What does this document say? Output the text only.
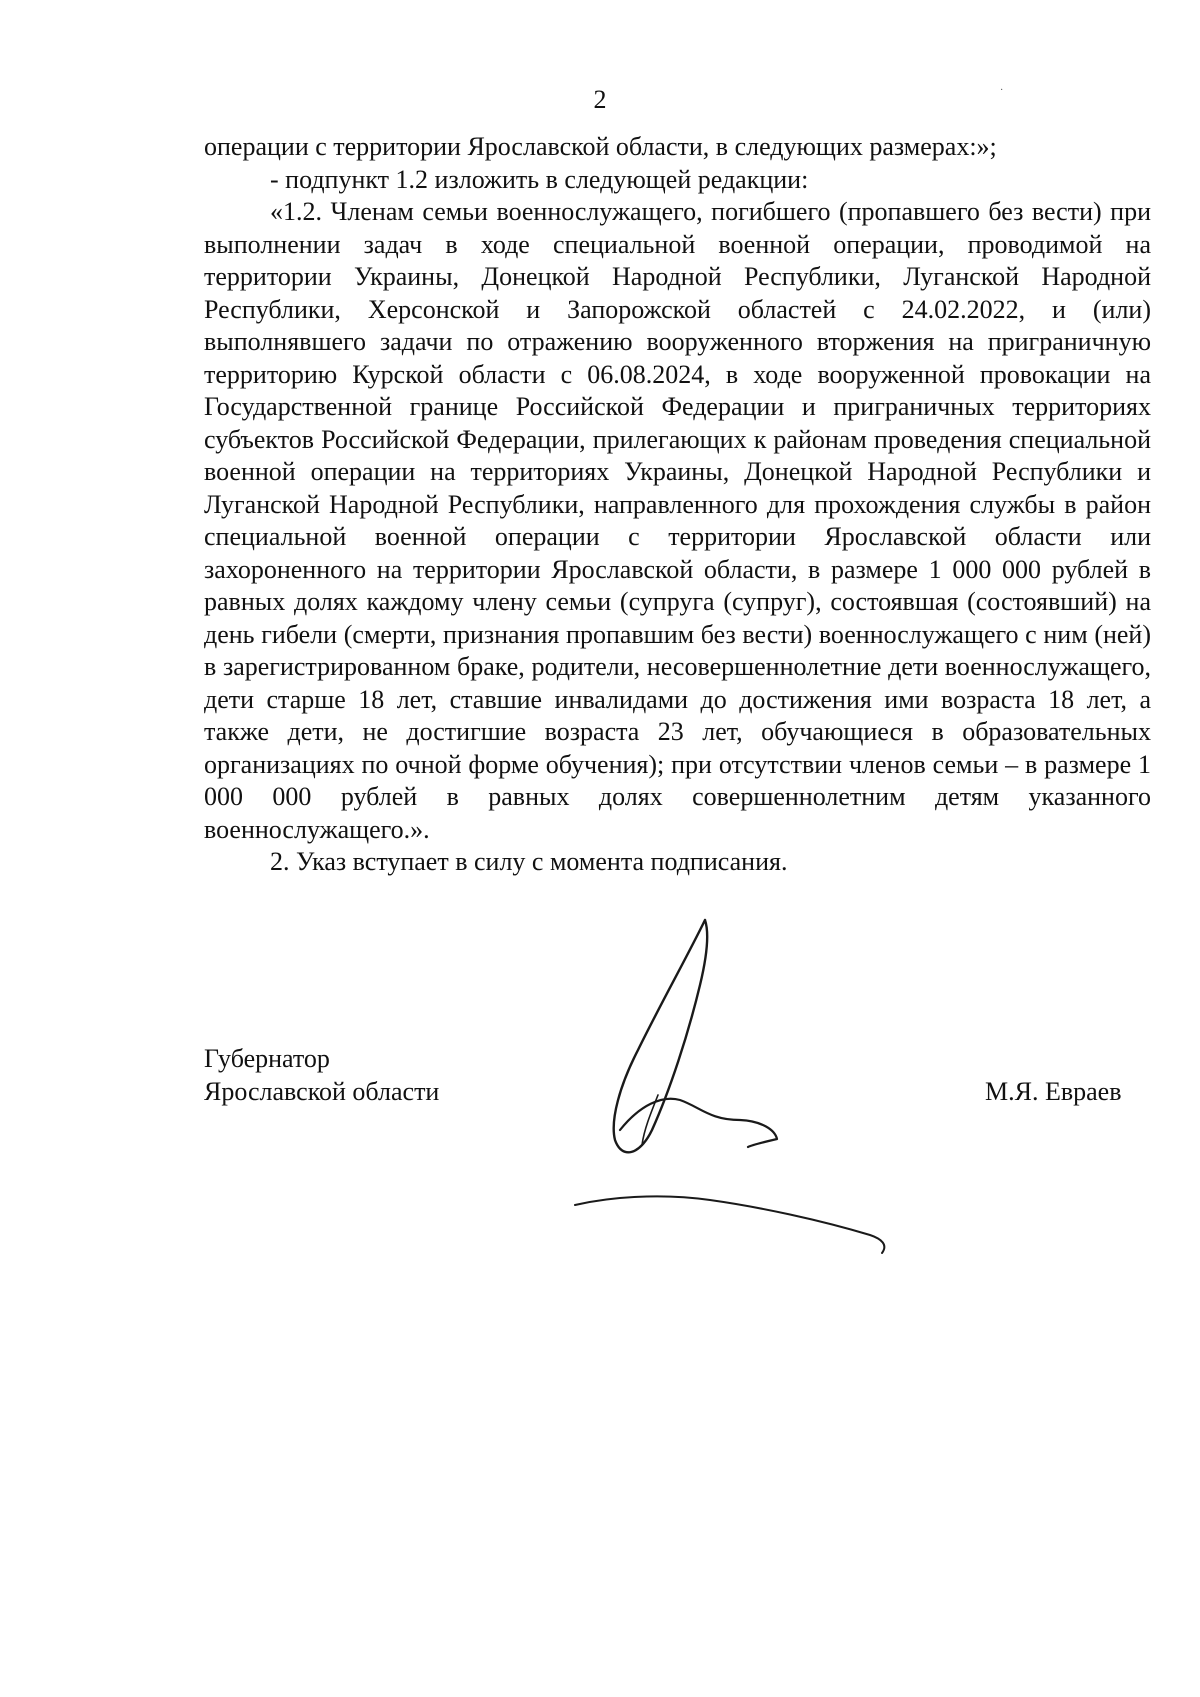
2	·

операции с территории Ярославской области, в следующих размерах:»;

- подпункт 1.2 изложить в следующей редакции:

«1.2. Членам семьи военнослужащего, погибшего (пропавшего без вести) при выполнении задач в ходе специальной военной операции, проводимой на территории Украины, Донецкой Народной Республики, Луганской Народной Республики, Херсонской и Запорожской областей с 24.02.2022, и (или) выполнявшего задачи по отражению вооруженного вторжения на приграничную территорию Курской области с 06.08.2024, в ходе вооруженной провокации на Государственной границе Российской Федерации и приграничных территориях субъектов Российской Федерации, прилегающих к районам проведения специальной военной операции на территориях Украины, Донецкой Народной Республики и Луганской Народной Республики, направленного для прохождения службы в район специальной военной операции с территории Ярославской области или захороненного на территории Ярославской области, в размере 1 000 000 рублей в равных долях каждому члену семьи (супруга (супруг), состоявшая (состоявший) на день гибели (смерти, признания пропавшим без вести) военнослужащего с ним (ней) в зарегистрированном браке, родители, несовершеннолетние дети военнослужащего, дети старше 18 лет, ставшие инвалидами до достижения ими возраста 18 лет, а также дети, не достигшие возраста 23 лет, обучающиеся в образовательных организациях по очной форме обучения); при отсутствии членов семьи – в размере 1 000 000 рублей в равных долях совершеннолетним детям указанного военнослужащего.».

2. Указ вступает в силу с момента подписания.

Губернатор
Ярославской области	М.Я. Евраев
